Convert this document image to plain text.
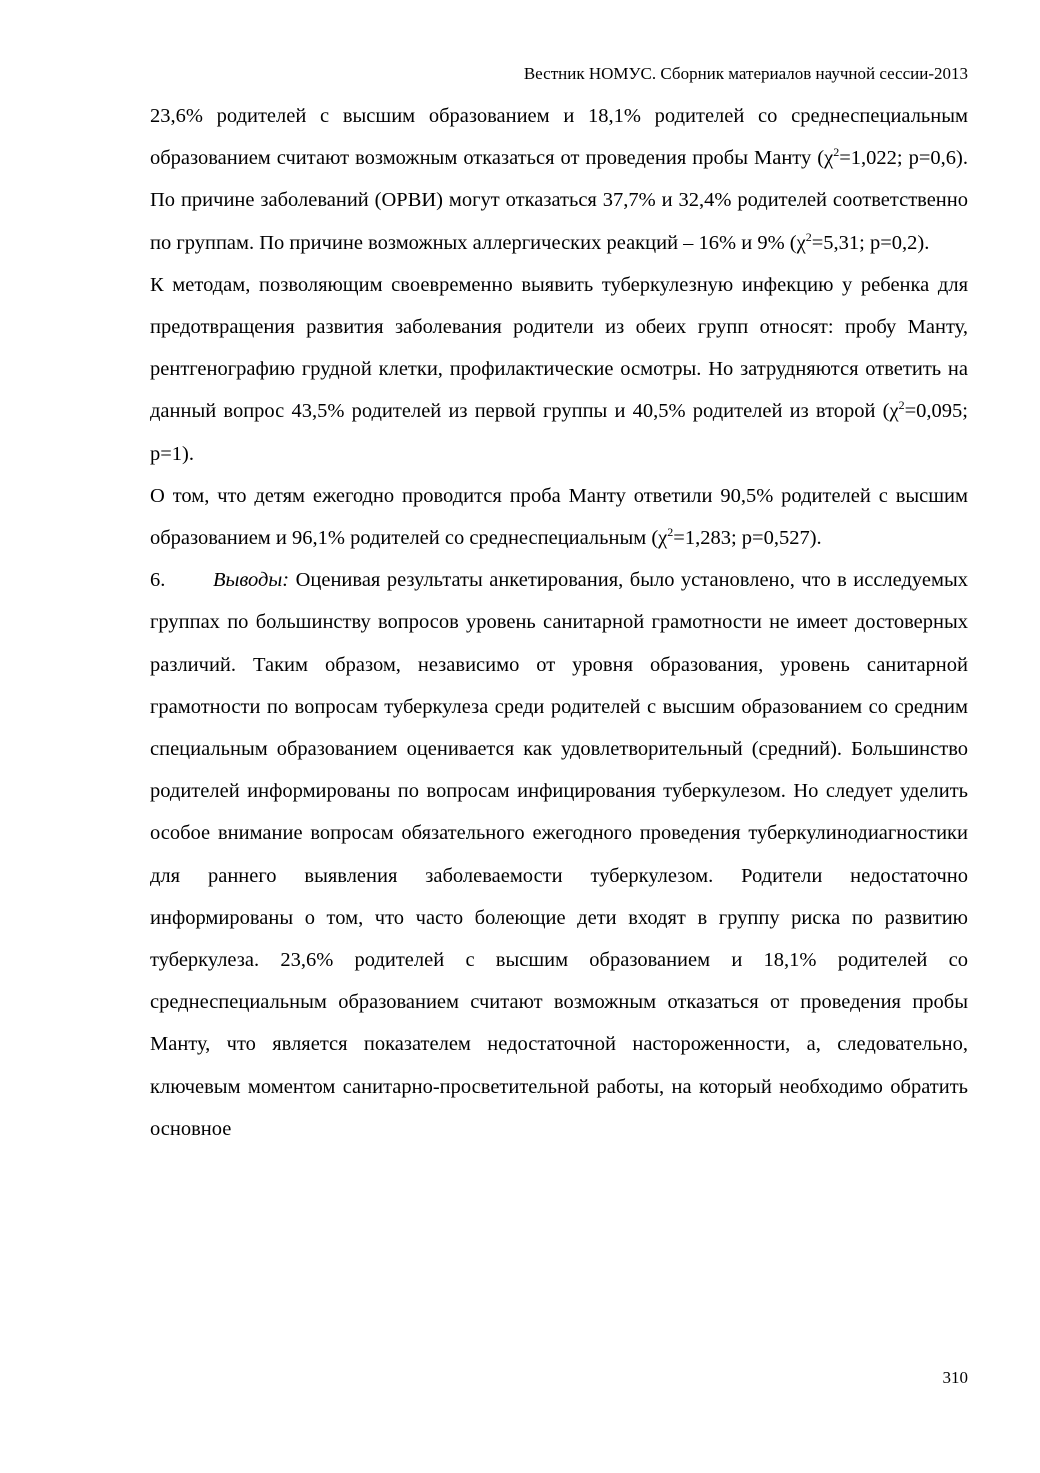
Вестник НОМУС. Сборник материалов научной сессии-2013

23,6% родителей с высшим образованием и 18,1% родителей со среднеспециальным образованием считают возможным отказаться от проведения пробы Манту ($\chi^2=1,022$; р=0,6). По причине заболеваний (ОРВИ) могут отказаться 37,7% и 32,4% родителей соответственно по группам. По причине возможных аллергических реакций – 16% и 9% ($\chi^2=5,31$; р=0,2).

К методам, позволяющим своевременно выявить туберкулезную инфекцию у ребенка для предотвращения развития заболевания родители из обеих групп относят: пробу Манту, рентгенографию грудной клетки, профилактические осмотры. Но затрудняются ответить на данный вопрос 43,5% родителей из первой группы и 40,5% родителей из второй ($\chi^2=0,095$; р=1).

О том, что детям ежегодно проводится проба Манту ответили 90,5% родителей с высшим образованием и 96,1% родителей со среднеспециальным ($\chi^2=1,283$; р=0,527).

6. Выводы: Оценивая результаты анкетирования, было установлено, что в исследуемых группах по большинству вопросов уровень санитарной грамотности не имеет достоверных различий. Таким образом, независимо от уровня образования, уровень санитарной грамотности по вопросам туберкулеза среди родителей с высшим образованием со средним специальным образованием оценивается как удовлетворительный (средний). Большинство родителей информированы по вопросам инфицирования туберкулезом. Но следует уделить особое внимание вопросам обязательного ежегодного проведения туберкулинодиагностики для раннего выявления заболеваемости туберкулезом. Родители недостаточно информированы о том, что часто болеющие дети входят в группу риска по развитию туберкулеза. 23,6% родителей с высшим образованием и 18,1% родителей со среднеспециальным образованием считают возможным отказаться от проведения пробы Манту, что является показателем недостаточной настороженности, а, следовательно, ключевым моментом санитарно-просветительной работы, на который необходимо обратить основное

310
